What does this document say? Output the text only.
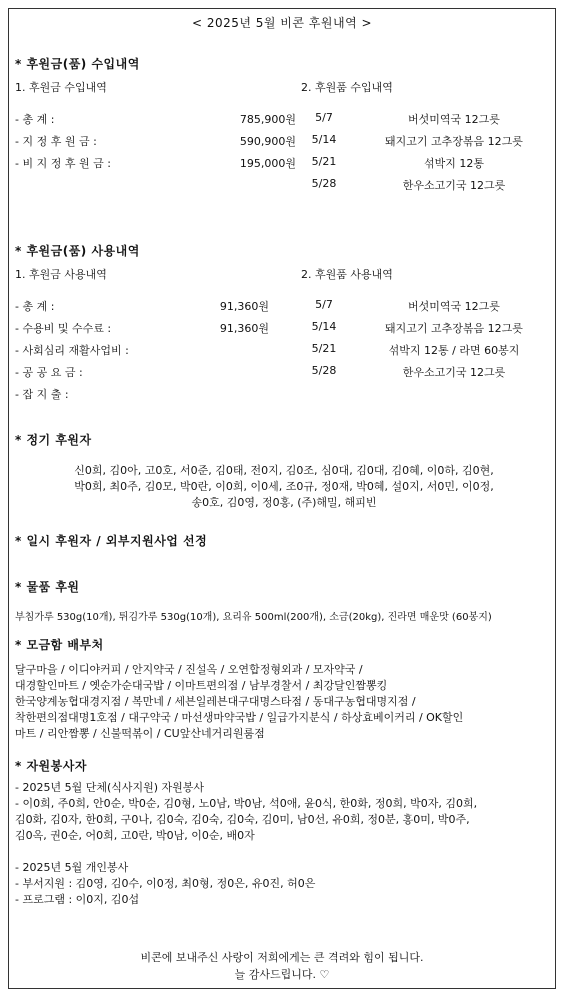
< 2025년 5월 비콘 후원내역 >
* 후원금(품) 수입내역
1. 후원금 수입내역	2. 후원품 수입내역
- 총 계 :	785,900원
- 지 정 후 원 금 :	590,900원
- 비 지 정 후 원 금 :	195,000원
5/7	버섯미역국 12그릇
5/14	돼지고기 고추장볶음 12그릇
5/21	섞박지 12통
5/28	한우소고기국 12그릇
* 후원금(품) 사용내역
1. 후원금 사용내역	2. 후원품 사용내역
- 총 계 :	91,360원
- 수용비 및 수수료 :	91,360원
- 사회심리 재활사업비 :
- 공 공 요 금 :
- 잡 지 출 :
5/7	버섯미역국 12그릇
5/14	돼지고기 고추장볶음 12그릇
5/21	섞박지 12통 / 라면 60봉지
5/28	한우소고기국 12그릇
* 정기 후원자
신0희, 김0아, 고0호, 서0준, 김0태, 전0지, 김0조, 심0대, 김0대, 김0혜, 이0하, 김0현,
박0희, 최0주, 김0모, 박0란, 이0희, 이0세, 조0규, 정0재, 박0혜, 설0지, 서0민, 이0정,
송0호, 김0영, 정0홍, (주)해밀, 해피빈
* 일시 후원자 / 외부지원사업 선정
* 물품 후원
부침가루 530g(10개), 튀김가루 530g(10개), 요리유 500ml(200개), 소금(20kg), 진라면 매운맛 (60봉지)
* 모금함 배부처
달구마을 / 이디야커피 / 안지약국 / 진설옥 / 오연합정형외과 / 모자약국 /
대경할인마트 / 옛순가순대국밥 / 이마트편의점 / 남부경찰서 / 최강달인짬뽕킹
한국양계농협대경지점 / 복만네 / 세븐일레븐대구대명스타점 / 동대구농협대명지점 /
착한편의점대명1호점 / 대구약국 / 마선생마약국밥 / 일급가지분식 / 하상효베이커리 / OK할인
마트 / 리안짬뽕 / 신불떡볶이 / CU앞산네거리원룸점
* 자원봉사자
- 2025년 5월 단체(식사지원) 자원봉사
- 이0희, 주0희, 안0순, 박0순, 김0형, 노0남, 박0남, 석0애, 윤0식, 한0화, 정0희, 박0자, 김0희,
김0화, 김0자, 한0희, 구0나, 김0숙, 김0숙, 김0숙, 김0미, 남0선, 유0희, 정0분, 홍0미, 박0주,
김0옥, 권0순, 어0희, 고0란, 박0남, 이0순, 배0자
- 2025년 5월 개인봉사
- 부서지원 : 김0영, 김0수, 이0정, 최0형, 정0은, 유0진, 허0은
- 프로그램 : 이0지, 김0섭
비콘에 보내주신 사랑이 저희에게는 큰 격려와 힘이 됩니다.
늘 감사드립니다. ♡
